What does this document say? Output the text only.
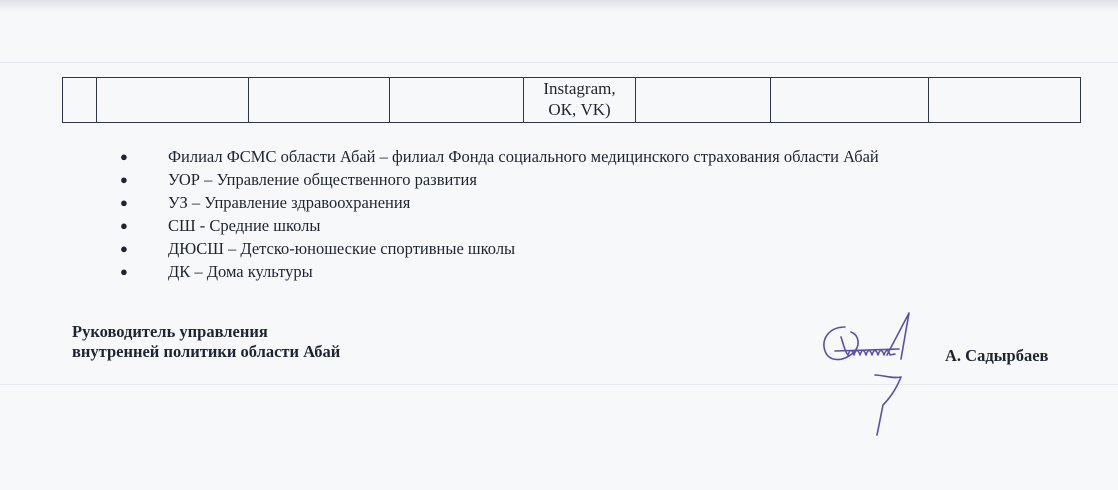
Instagram,
ОК, VK)

● Филиал ФСМС области Абай – филиал Фонда социального медицинского страхования области Абай
● УОР – Управление общественного развития
● УЗ – Управление здравоохранения
● СШ - Средние школы
● ДЮСШ – Детско-юношеские спортивные школы
● ДК – Дома культуры
Руководитель управления
внутренней политики области Абай	А. Садырбаев
